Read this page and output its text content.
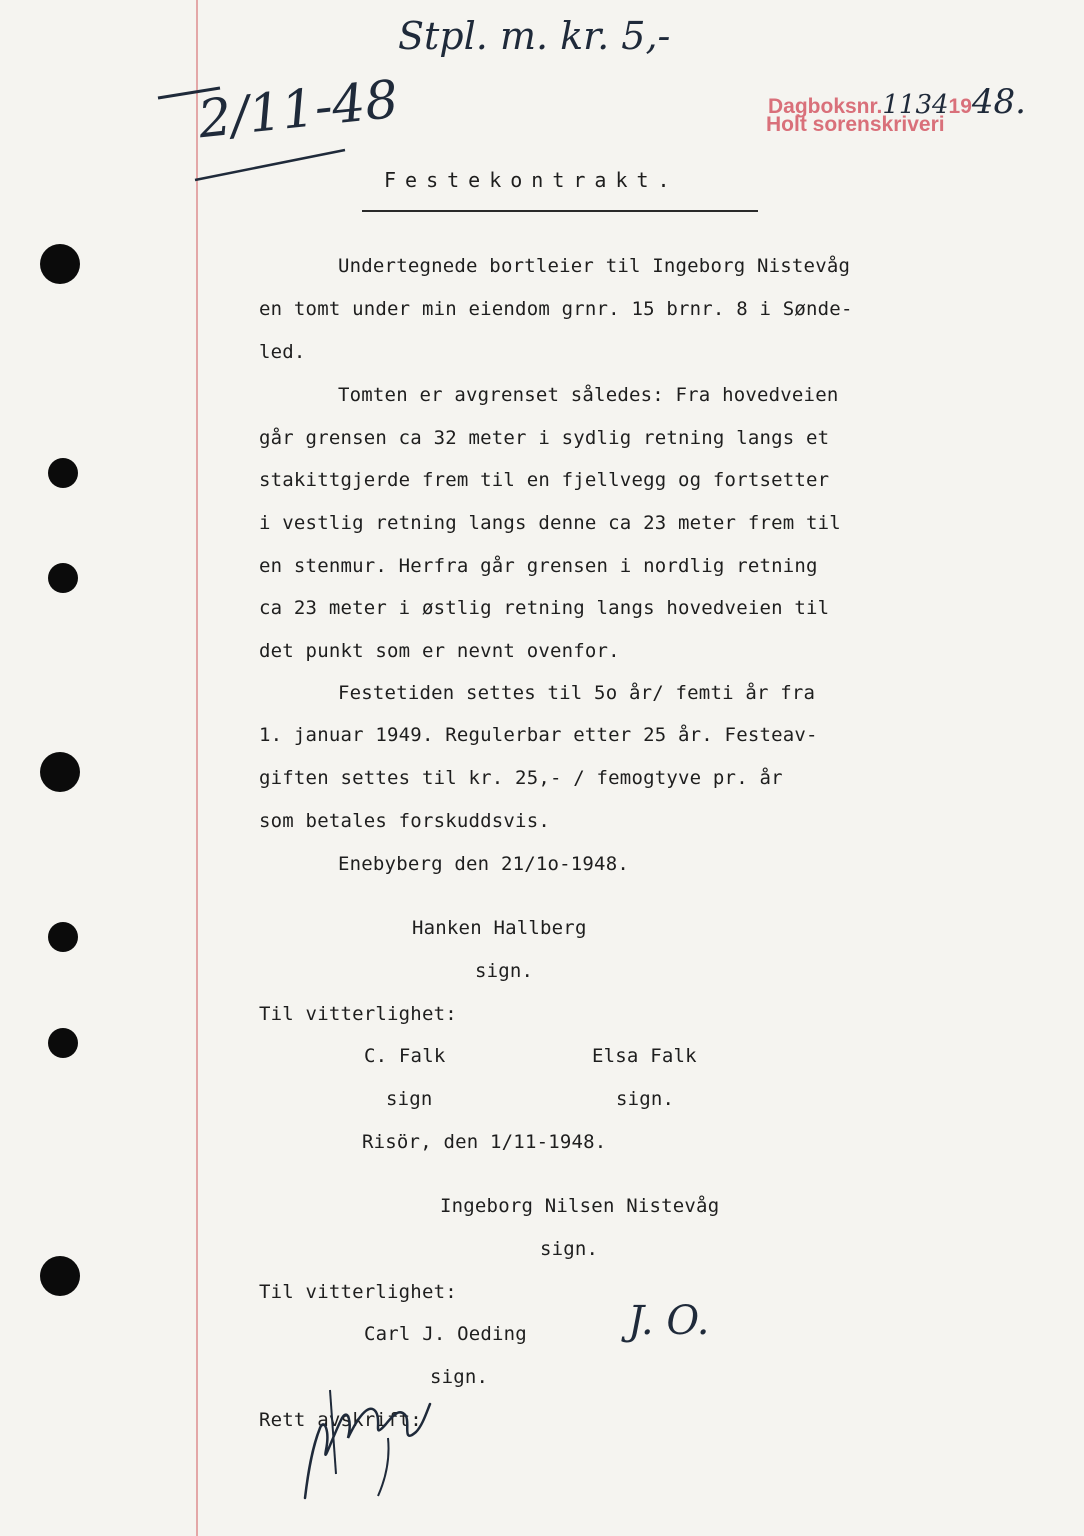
Stpl. m. kr. 5,-
2/11-48	Dagboksnr.11341948.
Holt sorenskriveri
Festekontrakt.
Undertegnede bortleier til Ingeborg Nistevåg
en tomt under min eiendom grnr. 15 brnr. 8 i Sønde-
led.
Tomten er avgrenset således: Fra hovedveien
går grensen ca 32 meter i sydlig retning langs et
stakittgjerde frem til en fjellvegg og fortsetter
i vestlig retning langs denne ca 23 meter frem til
en stenmur. Herfra går grensen i nordlig retning
ca 23 meter i østlig retning langs hovedveien til
det punkt som er nevnt ovenfor.
Festetiden settes til 5o år/ femti år fra
1. januar 1949. Regulerbar etter 25 år. Festeav-
giften settes til kr. 25,- / femogtyve pr. år
som betales forskuddsvis.
Enebyberg den 21/1o-1948.
Hanken Hallberg
sign.
Til vitterlighet:
C. Falk	Elsa Falk
sign	sign.
Risör, den 1/11-1948.
Ingeborg Nilsen Nistevåg
sign.
Til vitterlighet:
Carl J. Oeding	J. O.
sign.
Rett avskrift:
